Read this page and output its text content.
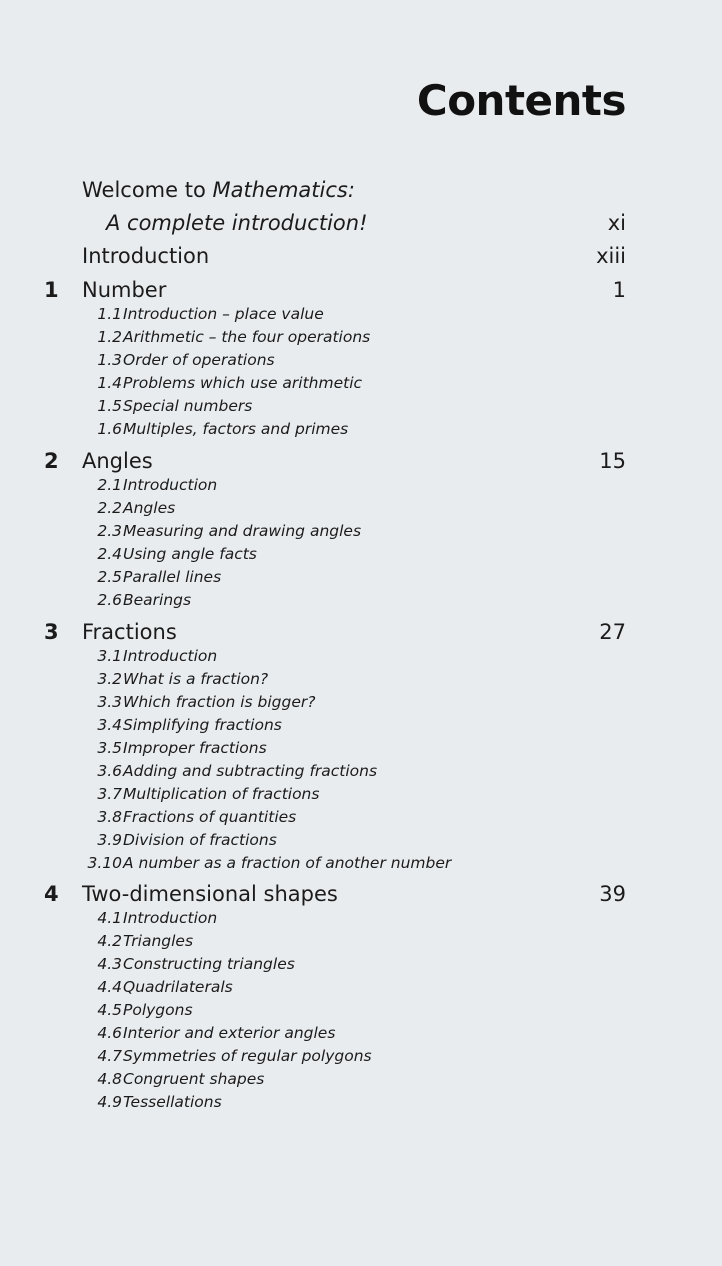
Contents
Welcome to Mathematics:
A complete introduction!	xi
Introduction	xiii
1 Number	1
1.1 Introduction – place value
1.2 Arithmetic – the four operations
1.3 Order of operations
1.4 Problems which use arithmetic
1.5 Special numbers
1.6 Multiples, factors and primes
2 Angles	15
2.1 Introduction
2.2 Angles
2.3 Measuring and drawing angles
2.4 Using angle facts
2.5 Parallel lines
2.6 Bearings
3 Fractions	27
3.1 Introduction
3.2 What is a fraction?
3.3 Which fraction is bigger?
3.4 Simplifying fractions
3.5 Improper fractions
3.6 Adding and subtracting fractions
3.7 Multiplication of fractions
3.8 Fractions of quantities
3.9 Division of fractions
3.10 A number as a fraction of another number
4 Two-dimensional shapes	39
4.1 Introduction
4.2 Triangles
4.3 Constructing triangles
4.4 Quadrilaterals
4.5 Polygons
4.6 Interior and exterior angles
4.7 Symmetries of regular polygons
4.8 Congruent shapes
4.9 Tessellations
